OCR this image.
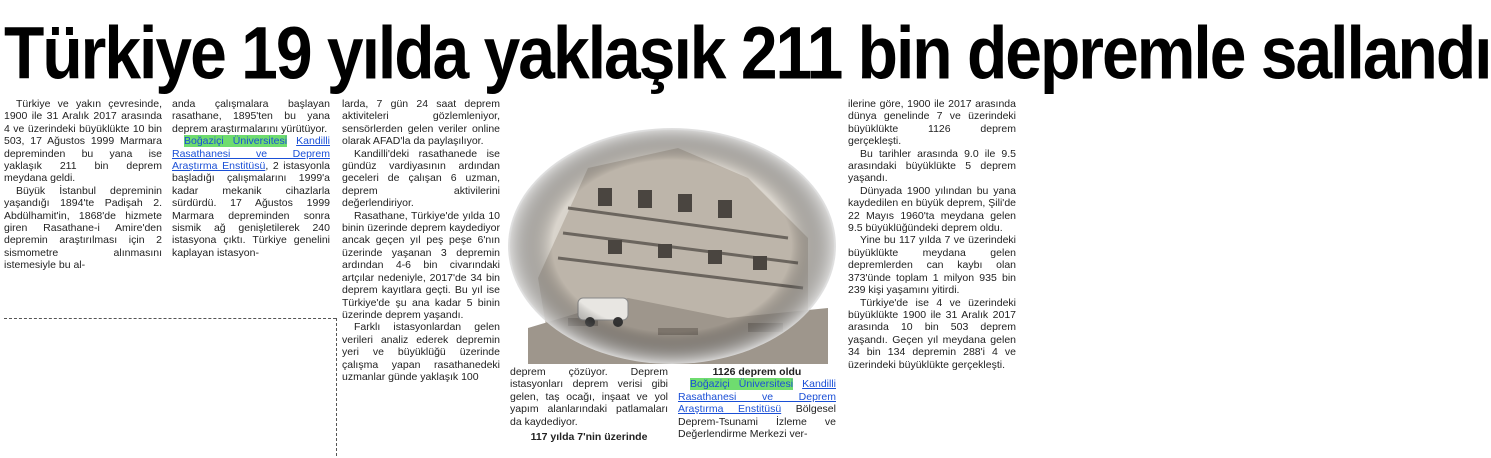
Türkiye 19 yılda yaklaşık 211 bin depremle sallandı

Türkiye ve yakın çevresinde, 1900 ile 31 Aralık 2017 arasında 4 ve üzerindeki büyüklükte 10 bin 503, 17 Ağustos 1999 Marmara depreminden bu yana ise yaklaşık 211 bin deprem meydana geldi.

Büyük İstanbul depreminin yaşandığı 1894'te Padişah 2. Abdülhamit'in, 1868'de hizmete giren Rasathane-i Amire'den depremin araştırılması için 2 sismometre alınmasını istemesiyle bu al-

anda çalışmalara başlayan rasathane, 1895'ten bu yana deprem araştırmalarını yürütüyor.

Boğaziçi Üniversitesi Kandilli Rasathanesi ve Deprem Araştırma Enstitüsü, 2 istasyonla başladığı çalışmalarını 1999'a kadar mekanik cihazlarla sürdürdü. 17 Ağustos 1999 Marmara depreminden sonra sismik ağ genişletilerek 240 istasyona çıktı. Türkiye genelini kaplayan istasyon-

larda, 7 gün 24 saat deprem aktiviteleri gözlemleniyor, sensörlerden gelen veriler online olarak AFAD'la da paylaşılıyor.

Kandilli'deki rasathanede ise gündüz vardiyasının ardından geceleri de çalışan 6 uzman, deprem aktivilerini değerlendiriyor.

Rasathane, Türkiye'de yılda 10 binin üzerinde deprem kaydediyor ancak geçen yıl peş peşe 6'nın üzerinde yaşanan 3 depremin ardından 4-6 bin civarındaki artçılar nedeniyle, 2017'de 34 bin deprem kayıtlara geçti. Bu yıl ise Türkiye'de şu ana kadar 5 binin üzerinde deprem yaşandı.

Farklı istasyonlardan gelen verileri analiz ederek depremin yeri ve büyüklüğü üzerinde çalışma yapan rasathanedeki uzmanlar günde yaklaşık 100	deprem çözüyor. Deprem istasyonları deprem verisi gibi gelen, taş ocağı, inşaat ve yol yapım alanlarındaki patlamaları da kaydediyor.

117 yılda 7'nin üzerinde

1126 deprem oldu

Boğaziçi Üniversitesi Kandilli Rasathanesi ve Deprem Araştırma Enstitüsü Bölgesel Deprem-Tsunami İzleme ve Değerlendirme Merkezi ver-

ilerine göre, 1900 ile 2017 arasında dünya genelinde 7 ve üzerindeki büyüklükte 1126 deprem gerçekleşti.

Bu tarihler arasında 9.0 ile 9.5 arasındaki büyüklükte 5 deprem yaşandı.

Dünyada 1900 yılından bu yana kaydedilen en büyük deprem, Şili'de 22 Mayıs 1960'ta meydana gelen 9.5 büyüklüğündeki deprem oldu.

Yine bu 117 yılda 7 ve üzerindeki büyüklükte meydana gelen depremlerden can kaybı olan 373'ünde toplam 1 milyon 935 bin 239 kişi yaşamını yitirdi.

Türkiye'de ise 4 ve üzerindeki büyüklükte 1900 ile 31 Aralık 2017 arasında 10 bin 503 deprem yaşandı. Geçen yıl meydana gelen 34 bin 134 depremin 288'i 4 ve üzerindeki büyüklükte gerçekleşti.
